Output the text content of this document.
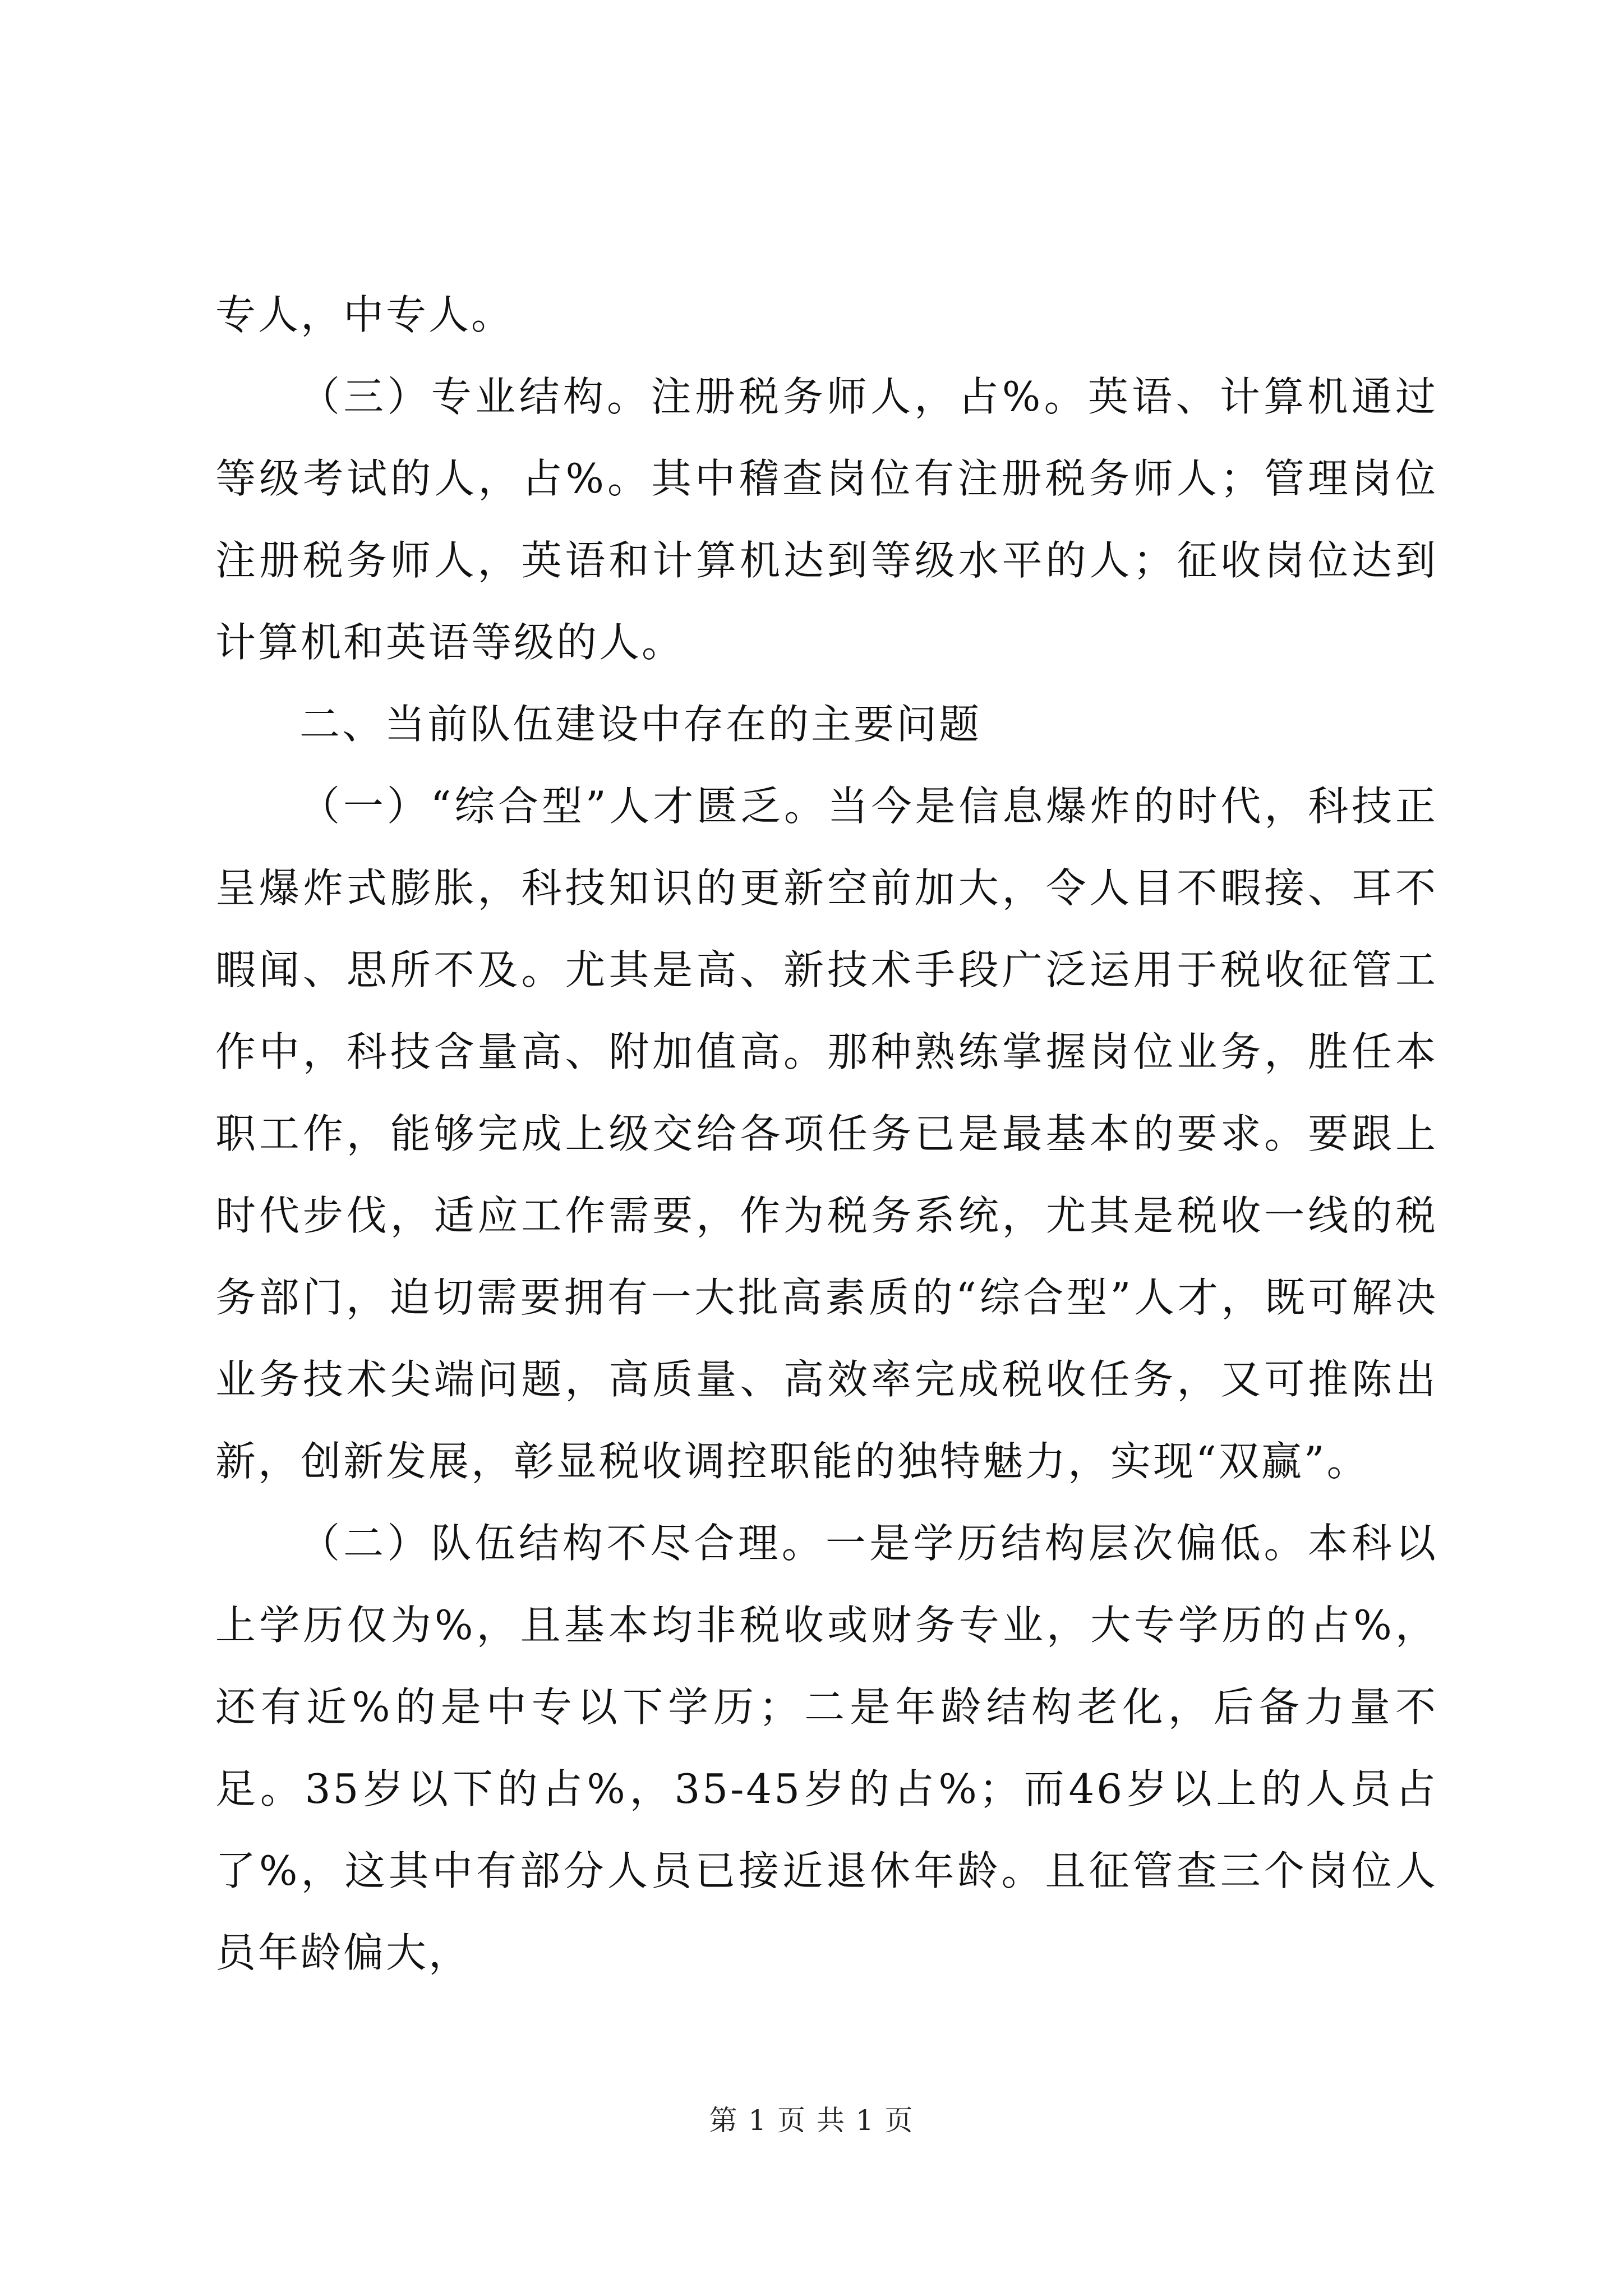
专人，中专人。

（三）专业结构。注册税务师人，占%。英语、计算机通过等级考试的人，占%。其中稽查岗位有注册税务师人；管理岗位注册税务师人，英语和计算机达到等级水平的人；征收岗位达到计算机和英语等级的人。

二、当前队伍建设中存在的主要问题

（一）“综合型”人才匮乏。当今是信息爆炸的时代，科技正呈爆炸式膨胀，科技知识的更新空前加大，令人目不暇接、耳不暇闻、思所不及。尤其是高、新技术手段广泛运用于税收征管工作中，科技含量高、附加值高。那种熟练掌握岗位业务，胜任本职工作，能够完成上级交给各项任务已是最基本的要求。要跟上时代步伐，适应工作需要，作为税务系统，尤其是税收一线的税务部门，迫切需要拥有一大批高素质的“综合型”人才，既可解决业务技术尖端问题，高质量、高效率完成税收任务，又可推陈出新，创新发展，彰显税收调控职能的独特魅力，实现“双赢”。

（二）队伍结构不尽合理。一是学历结构层次偏低。本科以上学历仅为%，且基本均非税收或财务专业，大专学历的占%，还有近%的是中专以下学历；二是年龄结构老化，后备力量不足。35岁以下的占%，35-45岁的占%；而46岁以上的人员占了%，这其中有部分人员已接近退休年龄。且征管查三个岗位人员年龄偏大，

第 1 页 共 1 页
